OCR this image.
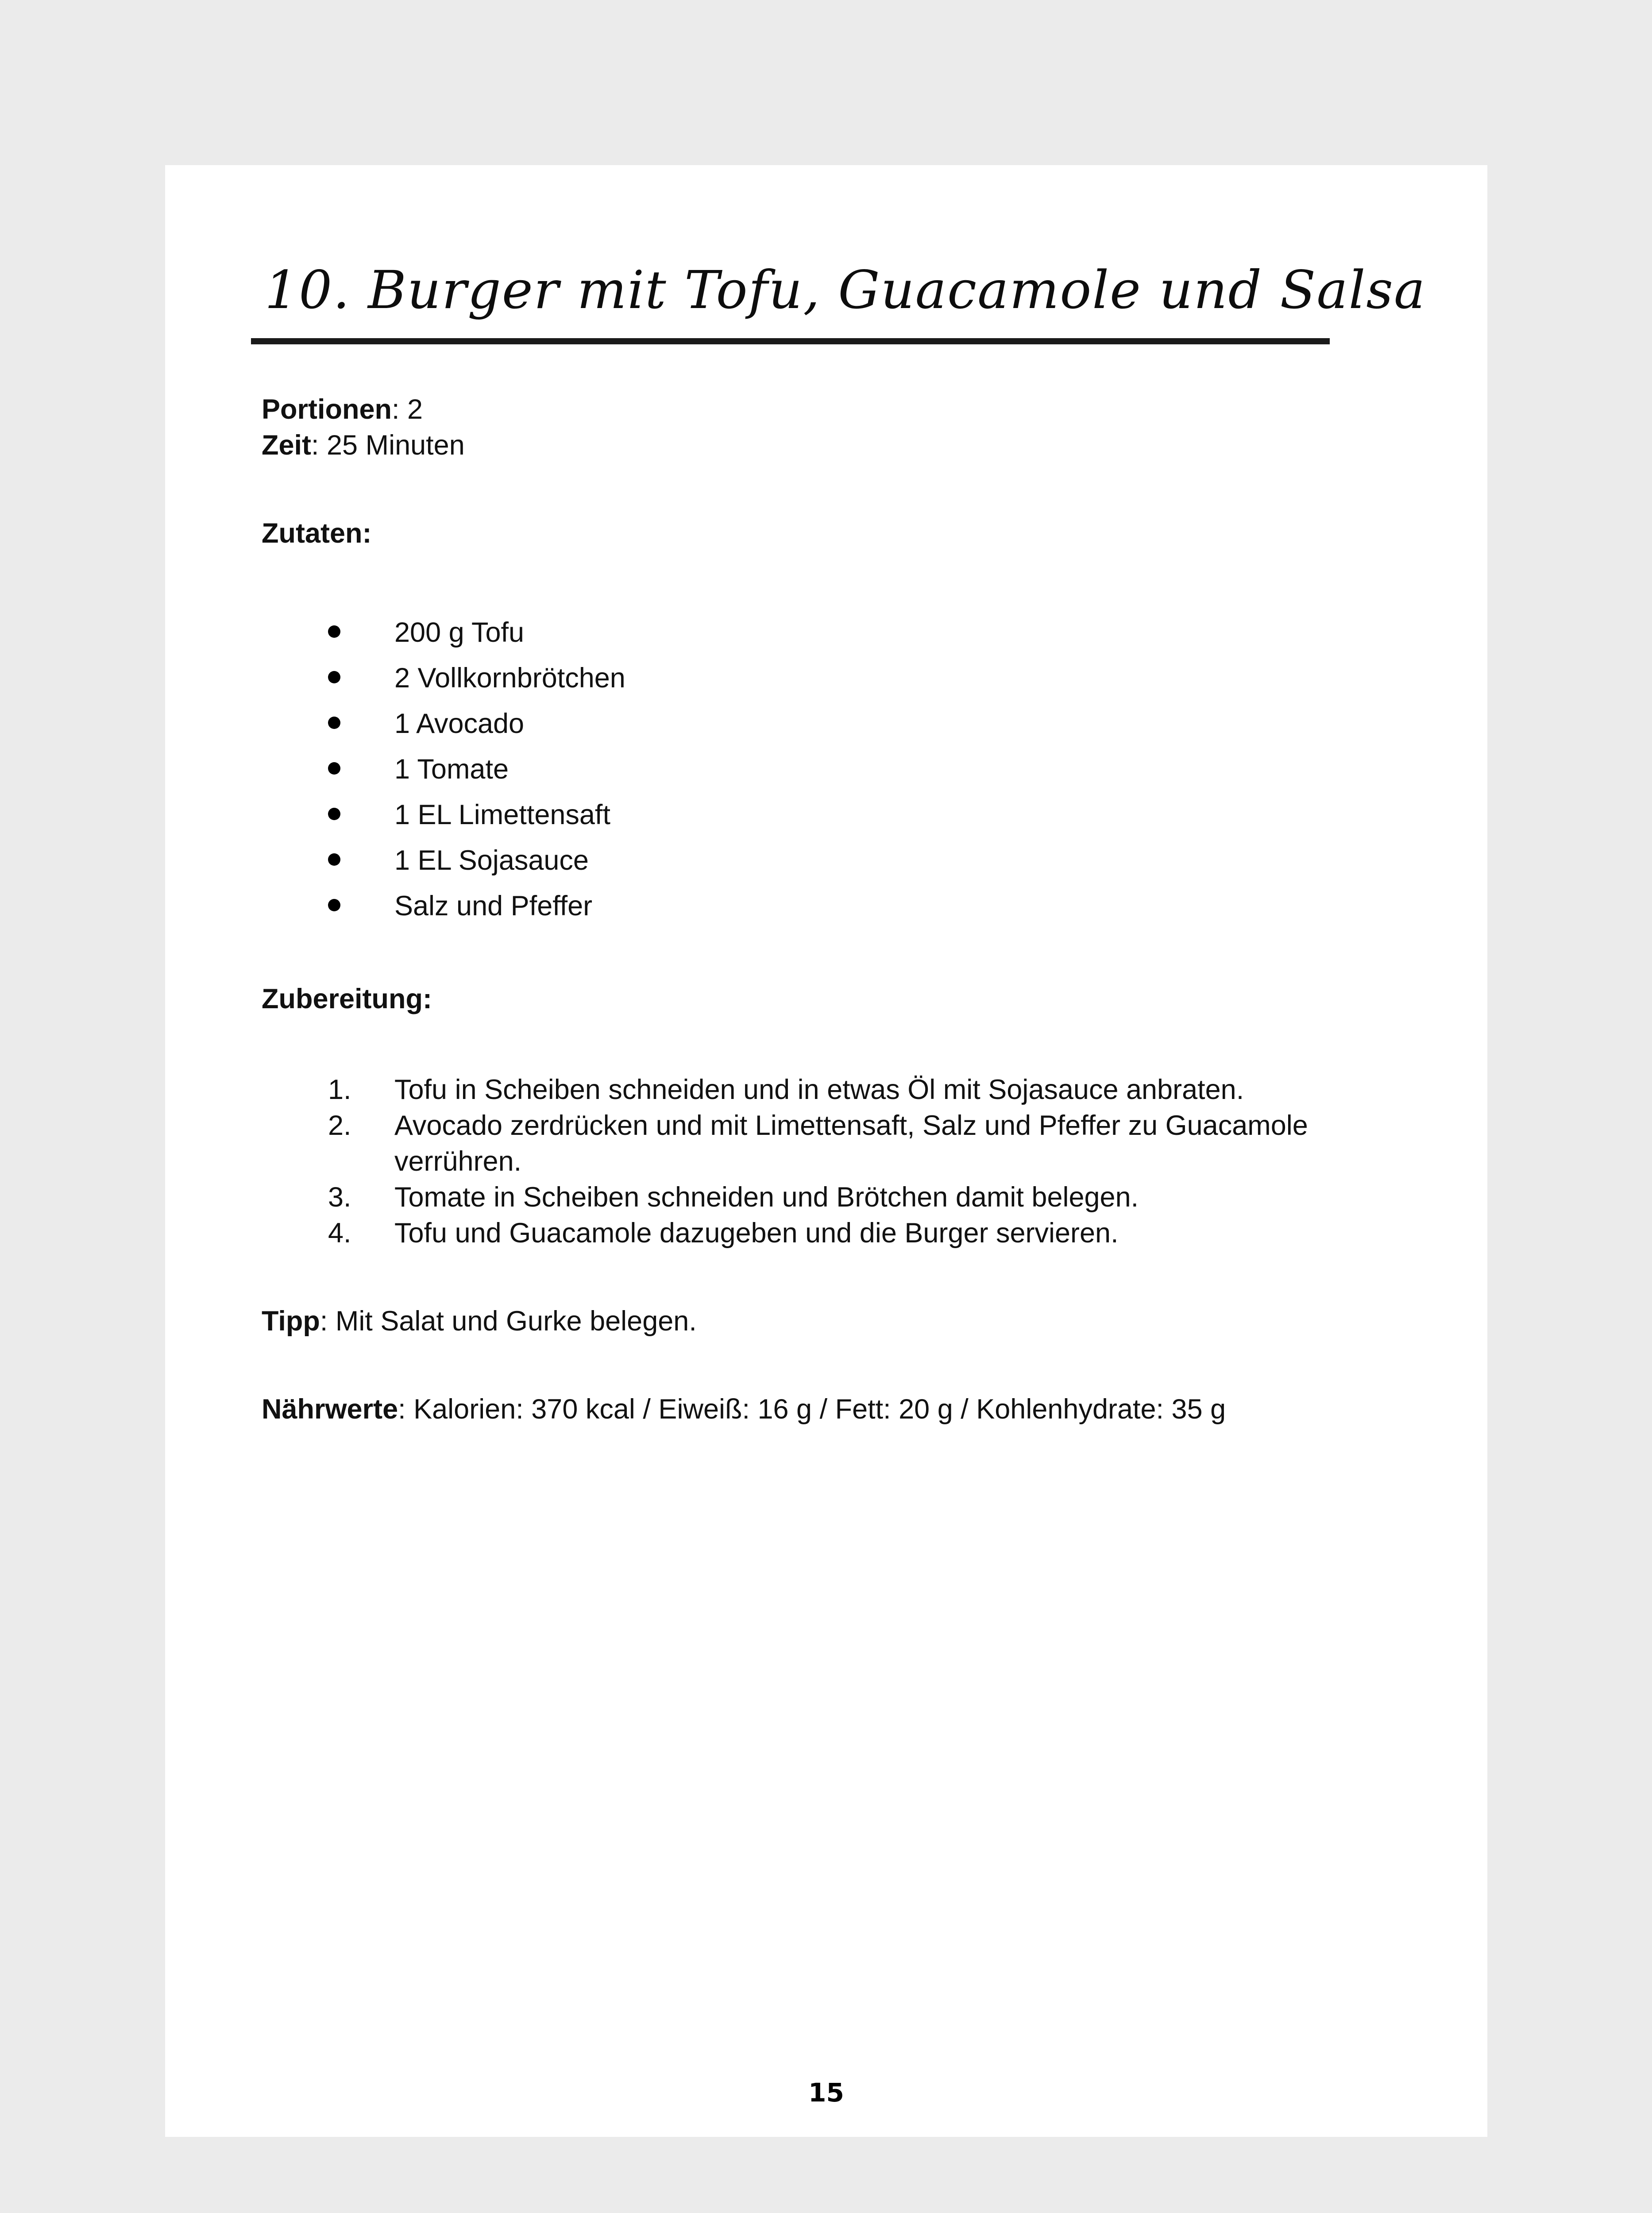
10. Burger mit Tofu, Guacamole und Salsa

Portionen: 2

Zeit: 25 Minuten

Zutaten:

200 g Tofu
2 Vollkornbrötchen
1 Avocado
1 Tomate
1 EL Limettensaft
1 EL Sojasauce
Salz und Pfeffer

Zubereitung:

1. Tofu in Scheiben schneiden und in etwas Öl mit Sojasauce anbraten.
2. Avocado zerdrücken und mit Limettensaft, Salz und Pfeffer zu Guacamole verrühren.
3. Tomate in Scheiben schneiden und Brötchen damit belegen.
4. Tofu und Guacamole dazugeben und die Burger servieren.

Tipp: Mit Salat und Gurke belegen.

Nährwerte: Kalorien: 370 kcal / Eiweiß: 16 g / Fett: 20 g / Kohlenhydrate: 35 g

15
